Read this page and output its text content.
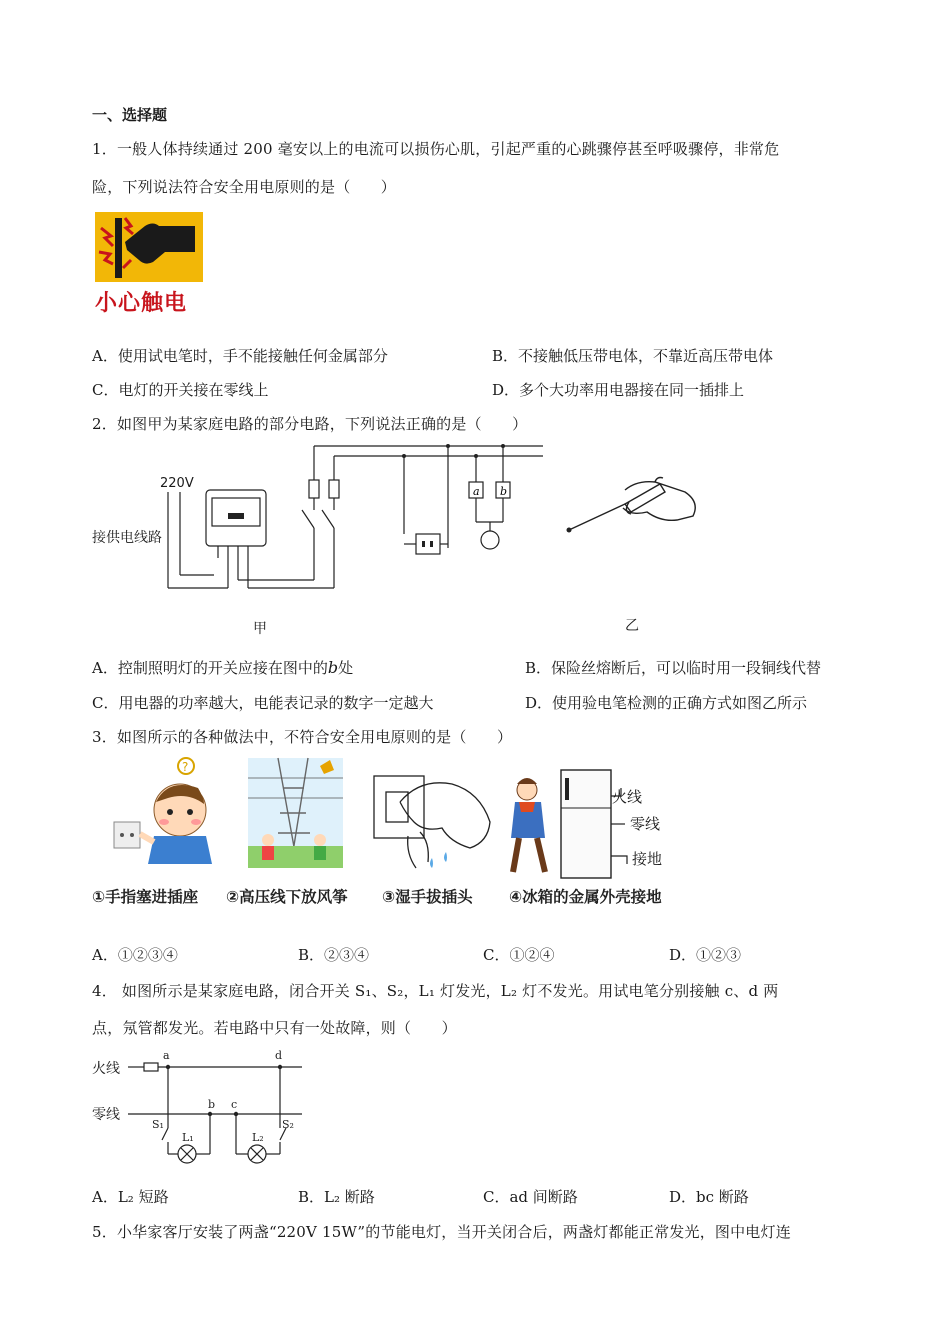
一、选择题
1．一般人体持续通过 200 毫安以上的电流可以损伤心肌，引起严重的心跳骤停甚至呼吸骤停，非常危
险，下列说法符合安全用电原则的是（　　）
小心触电
A．使用试电笔时，手不能接触任何金属部分	B．不接触低压带电体，不靠近高压带电体
C．电灯的开关接在零线上	D．多个大功率用电器接在同一插排上
2．如图甲为某家庭电路的部分电路，下列说法正确的是（　　）
a b
220V
接供电线路
甲	乙
A．控制照明灯的开关应接在图中的b处	B．保险丝熔断后，可以临时用一段铜线代替
C．用电器的功率越大，电能表记录的数字一定越大	D．使用验电笔检测的正确方式如图乙所示
3．如图所示的各种做法中，不符合安全用电原则的是（　　）
?
火线
零线
接地
①手指塞进插座 ②高压线下放风筝 ③湿手拔插头 ④冰箱的金属外壳接地
A．①②③④	B．②③④	C．①②④	D．①②③
4． 如图所示是某家庭电路，闭合开关 S₁、S₂，L₁ 灯发光，L₂ 灯不发光。用试电笔分别接触 c、d 两
点，氖管都发光。若电路中只有一处故障，则（　　）
a	d
b c
S₁	S₂
L₁	L₂
火线
零线
A．L₂ 短路	B．L₂ 断路	C．ad 间断路	D．bc 断路
5．小华家客厅安装了两盏“220V 15W”的节能电灯，当开关闭合后，两盏灯都能正常发光，图中电灯连
